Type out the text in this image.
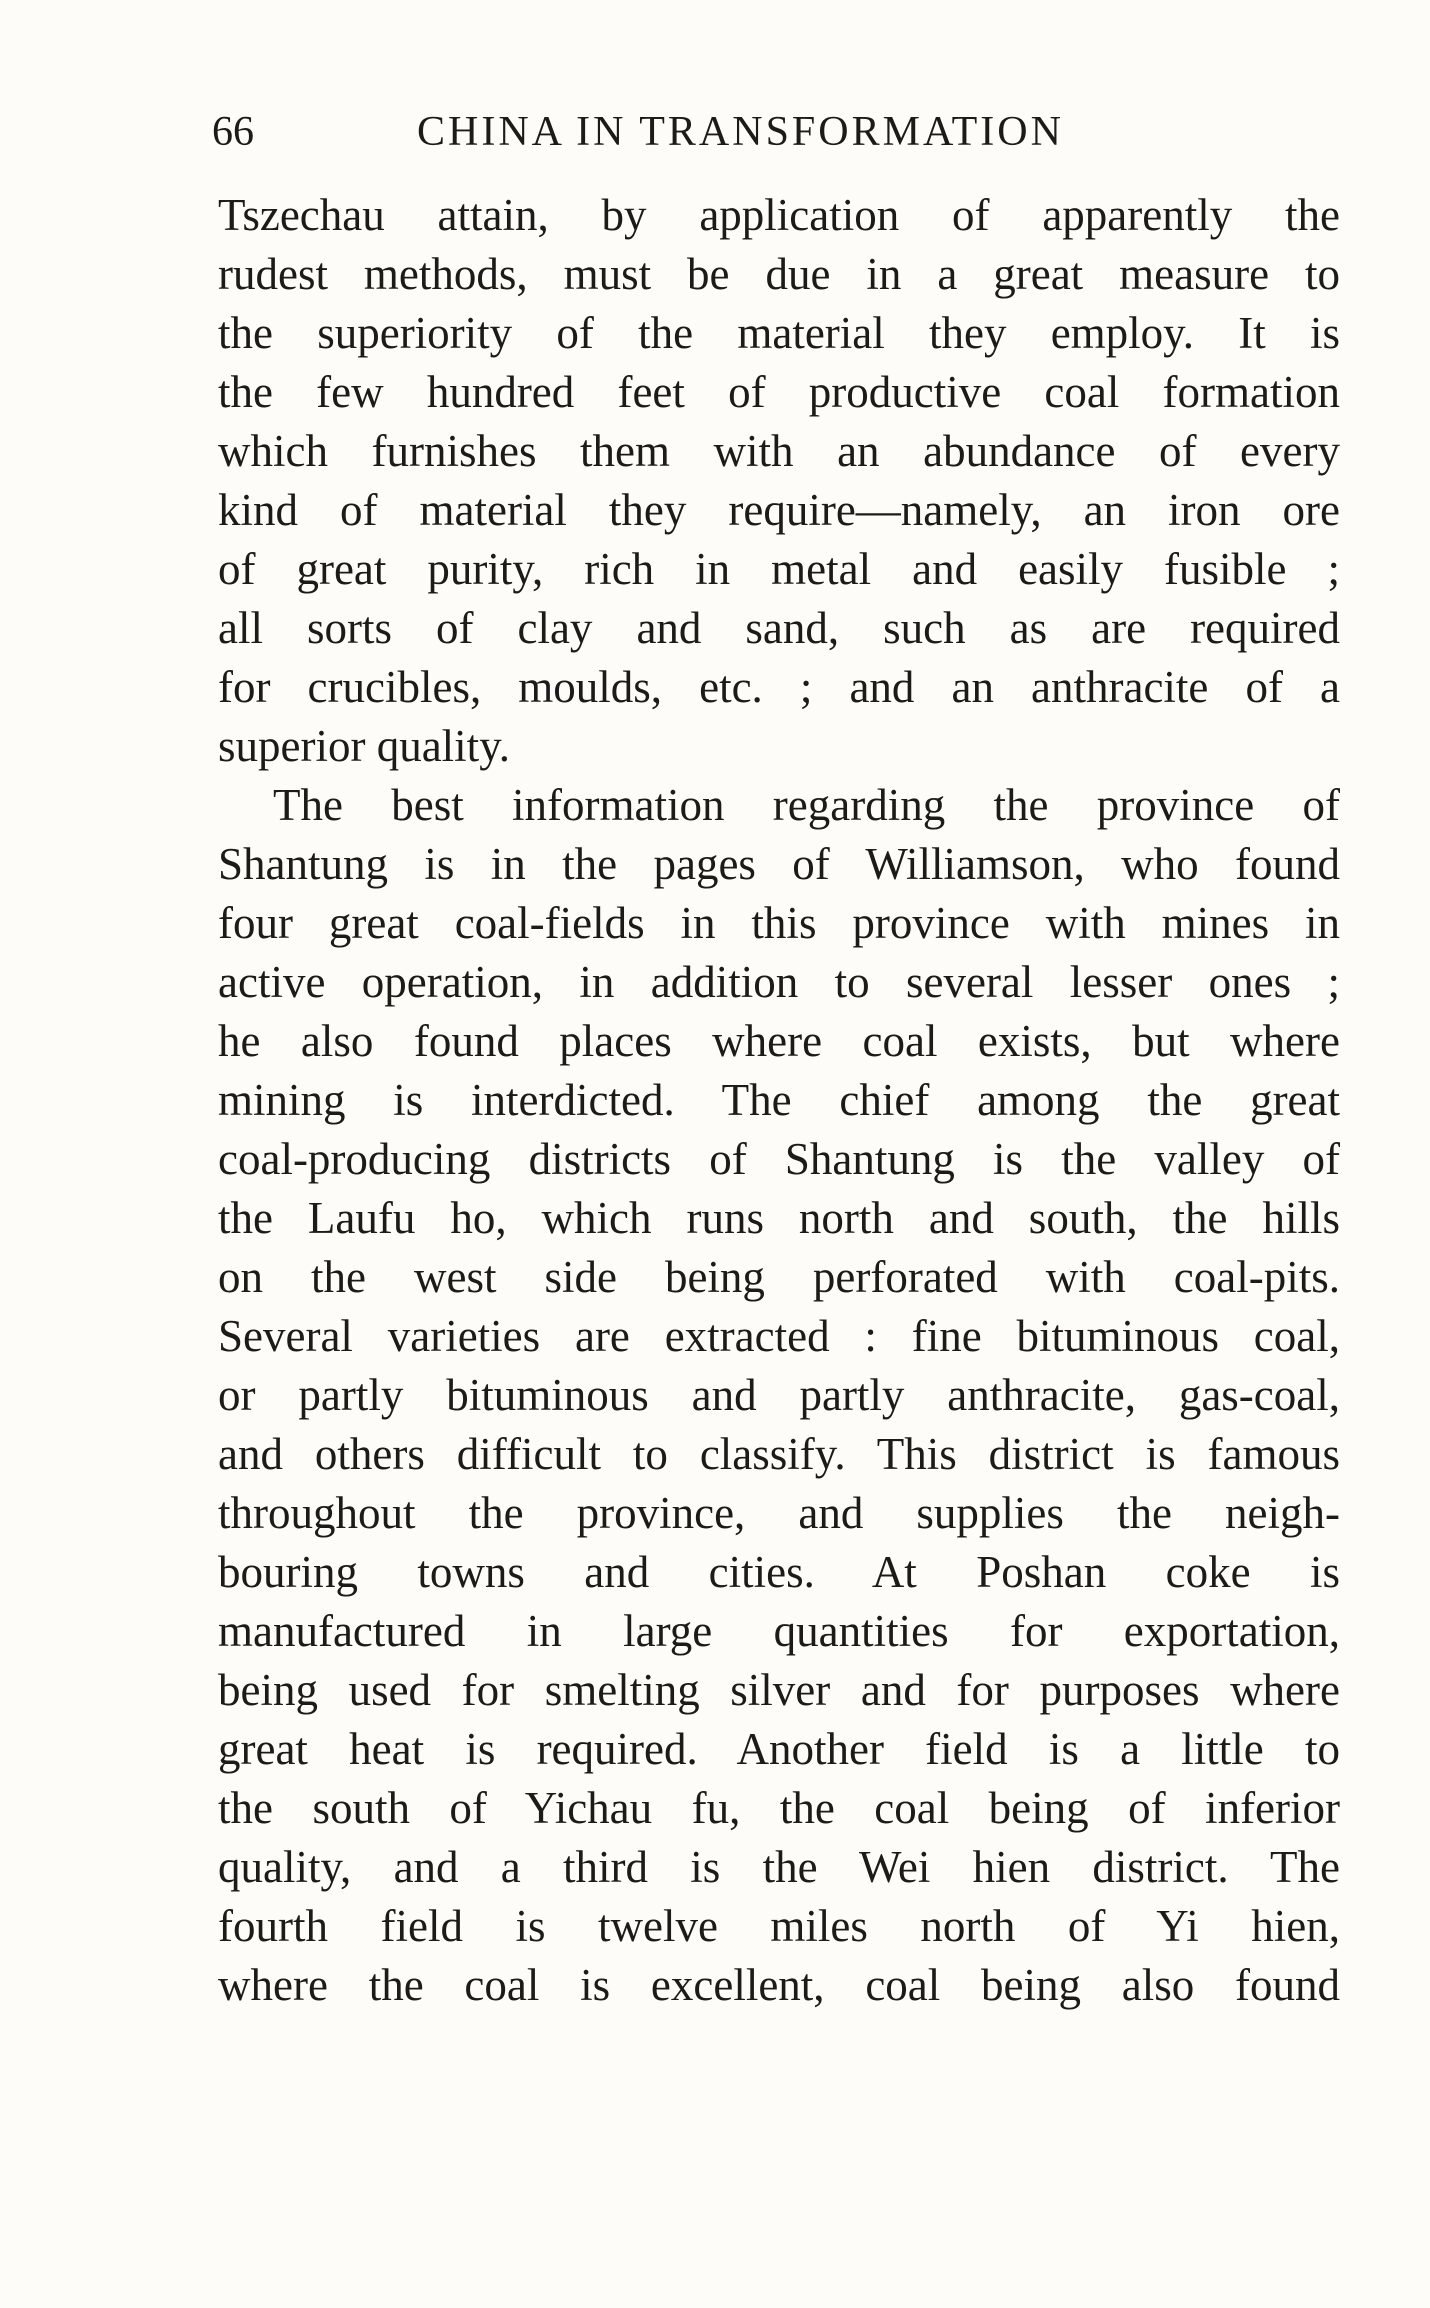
66	CHINA IN TRANSFORMATION
Tszechau attain, by application of apparently the
rudest methods, must be due in a great measure to
the superiority of the material they employ. It is
the few hundred feet of productive coal formation
which furnishes them with an abundance of every
kind of material they require—namely, an iron ore
of great purity, rich in metal and easily fusible ;
all sorts of clay and sand, such as are required
for crucibles, moulds, etc. ; and an anthracite of a
superior quality.
The best information regarding the province of
Shantung is in the pages of Williamson, who found
four great coal-fields in this province with mines in
active operation, in addition to several lesser ones ;
he also found places where coal exists, but where
mining is interdicted. The chief among the great
coal-producing districts of Shantung is the valley of
the Laufu ho, which runs north and south, the hills
on the west side being perforated with coal-pits.
Several varieties are extracted : fine bituminous coal,
or partly bituminous and partly anthracite, gas-coal,
and others difficult to classify. This district is famous
throughout the province, and supplies the neigh-
bouring towns and cities. At Poshan coke is
manufactured in large quantities for exportation,
being used for smelting silver and for purposes where
great heat is required. Another field is a little to
the south of Yichau fu, the coal being of inferior
quality, and a third is the Wei hien district. The
fourth field is twelve miles north of Yi hien,
where the coal is excellent, coal being also found
